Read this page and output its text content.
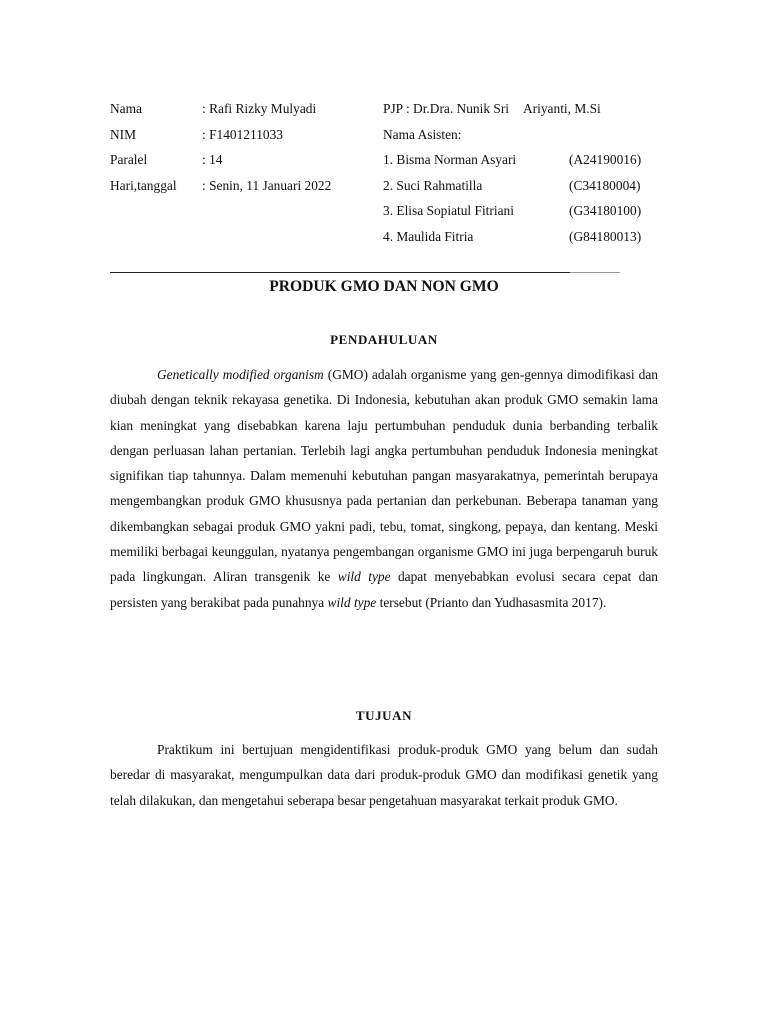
Nama	: Rafi Rizky Mulyadi
NIM	: F1401211033
Paralel	: 14
Hari,tanggal	: Senin, 11 Januari 2022
PJP : Dr.Dra. Nunik Sri Ariyanti, M.Si
Nama Asisten:
1. Bisma Norman Asyari	(A24190016)
2. Suci Rahmatilla	(C34180004)
3. Elisa Sopiatul Fitriani	(G34180100)
4. Maulida Fitria	(G84180013)
PRODUK GMO DAN NON GMO
PENDAHULUAN

Genetically modified organism (GMO) adalah organisme yang gen-gennya dimodifikasi dan diubah dengan teknik rekayasa genetika. Di Indonesia, kebutuhan akan produk GMO semakin lama kian meningkat yang disebabkan karena laju pertumbuhan penduduk dunia berbanding terbalik dengan perluasan lahan pertanian. Terlebih lagi angka pertumbuhan penduduk Indonesia meningkat signifikan tiap tahunnya. Dalam memenuhi kebutuhan pangan masyarakatnya, pemerintah berupaya mengembangkan produk GMO khususnya pada pertanian dan perkebunan. Beberapa tanaman yang dikembangkan sebagai produk GMO yakni padi, tebu, tomat, singkong, pepaya, dan kentang. Meski memiliki berbagai keunggulan, nyatanya pengembangan organisme GMO ini juga berpengaruh buruk pada lingkungan. Aliran transgenik ke wild type dapat menyebabkan evolusi secara cepat dan persisten yang berakibat pada punahnya wild type tersebut (Prianto dan Yudhasasmita 2017).

TUJUAN

Praktikum ini bertujuan mengidentifikasi produk-produk GMO yang belum dan sudah beredar di masyarakat, mengumpulkan data dari produk-produk GMO dan modifikasi genetik yang telah dilakukan, dan mengetahui seberapa besar pengetahuan masyarakat terkait produk GMO.
